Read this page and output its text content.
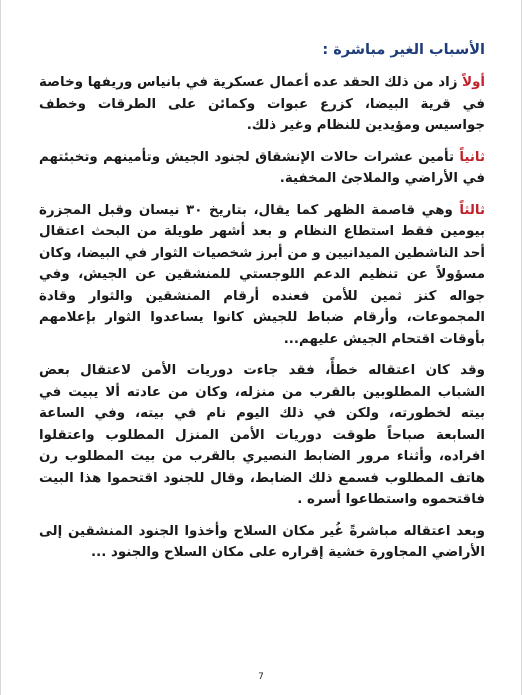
الأسباب الغير مباشرة :

أولاً زاد من ذلك الحقد عده أعمال عسكرية في بانياس وريفها وخاصة في قرية البيضا، كزرع عبوات وكمائن على الطرقات وخطف جواسيس ومؤيدين للنظام وغير ذلك.

ثانياً تأمين عشرات حالات الإنشقاق لجنود الجيش وتأمينهم وتخبئتهم في الأراضي والملاجئ المخفية.

ثالثاً وهي قاصمة الظهر كما يقال، بتاريخ ٣٠ نيسان وقبل المجزرة بيومين فقط استطاع النظام و بعد أشهر طويلة من البحث اعتقال أحد الناشطين الميدانيين و من أبرز شخصيات الثوار في البيضا، وكان مسؤولاً عن تنظيم الدعم اللوجستي للمنشقين عن الجيش، وفي جواله كنز ثمين للأمن فعنده أرقام المنشقين والثوار وقادة المجموعات، وأرقام ضباط للجيش كانوا يساعدوا الثوار بإعلامهم بأوقات اقتحام الجيش عليهم...

وقد كان اعتقاله خطأً، فقد جاءت دوريات الأمن لاعتقال بعض الشباب المطلوبين بالقرب من منزله، وكان من عادته ألا يبيت في بيته لخطورته، ولكن في ذلك اليوم نام في بيته، وفي الساعة السابعة صباحاً طوقت دوريات الأمن المنزل المطلوب واعتقلوا افراده، وأثناء مرور الضابط النصيري بالقرب من بيت المطلوب رن هاتف المطلوب فسمع ذلك الضابط، وقال للجنود اقتحموا هذا البيت فاقتحموه واستطاعوا أسره .

وبعد اعتقاله مباشرةً غُير مكان السلاح وأخذوا الجنود المنشقين إلى الأراضي المجاورة خشية إقراره على مكان السلاح والجنود ...

7
